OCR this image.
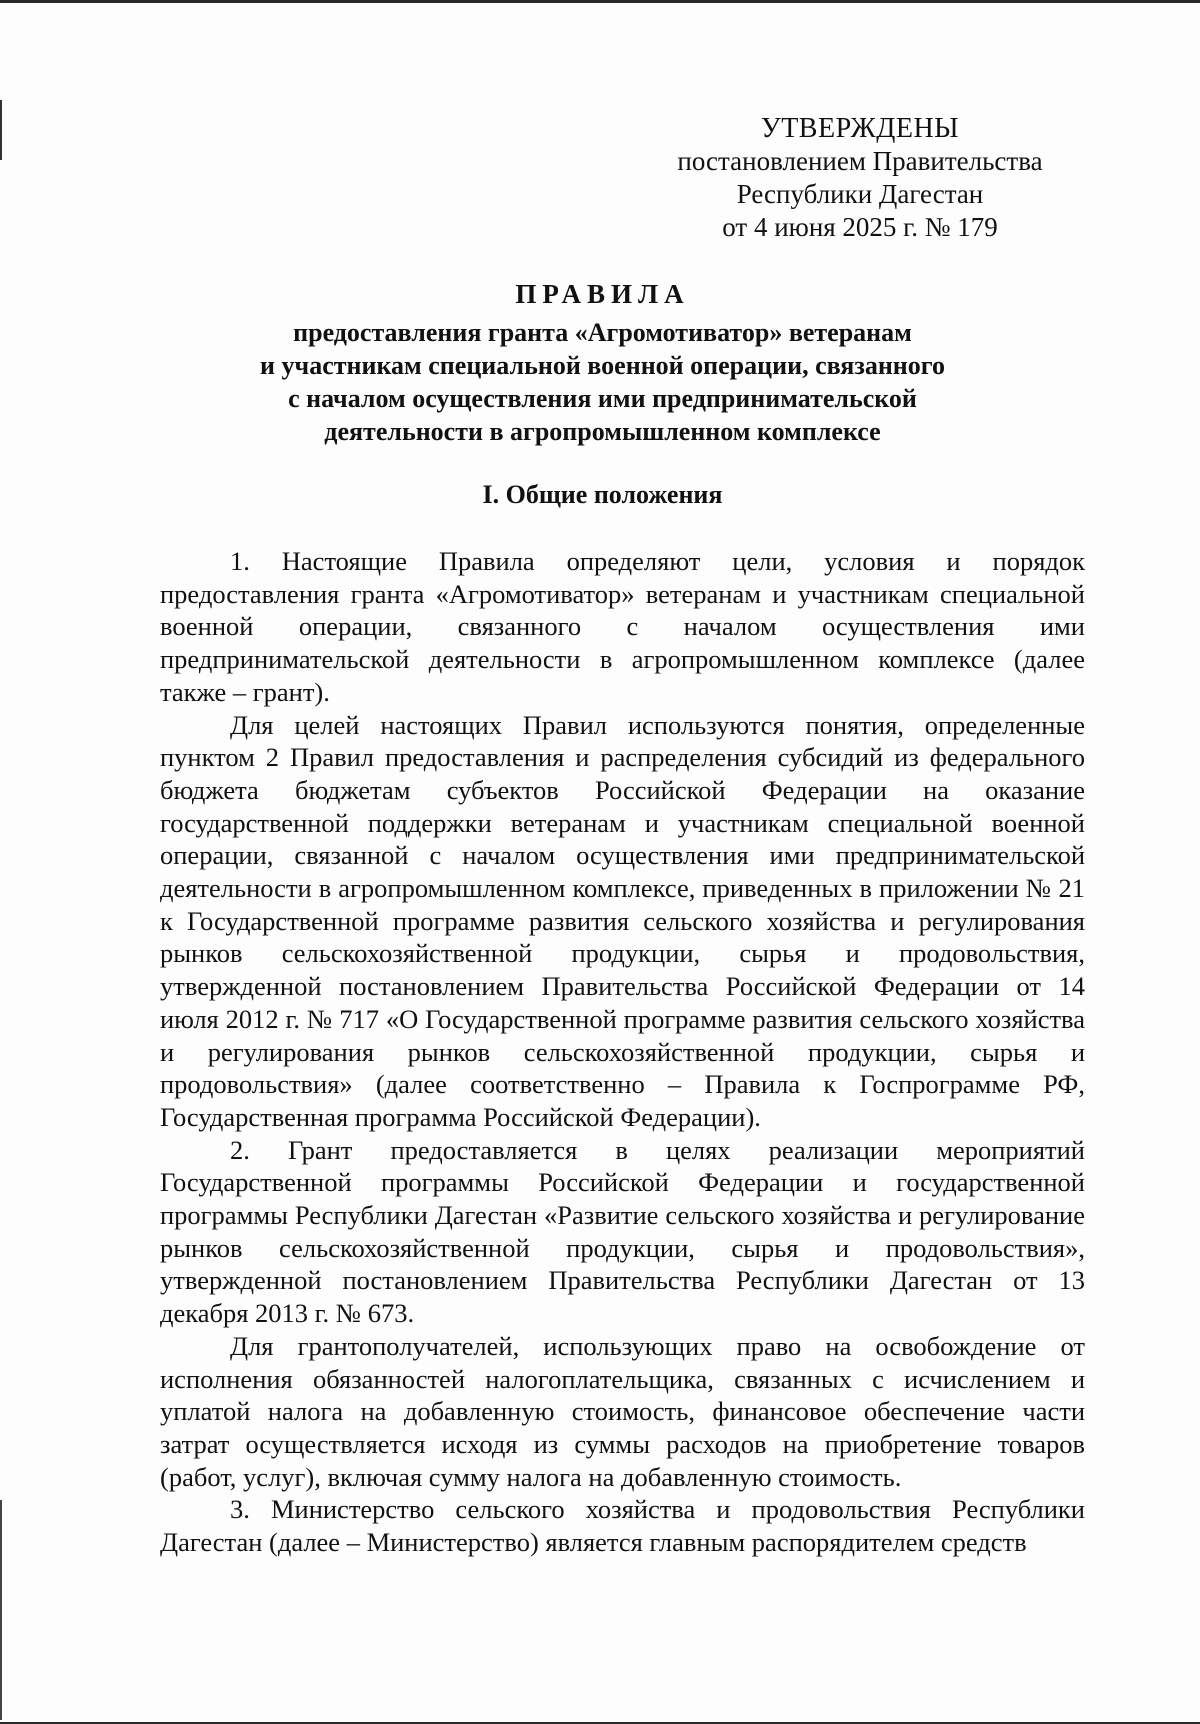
УТВЕРЖДЕНЫ
постановлением Правительства
Республики Дагестан
от 4 июня 2025 г. № 179
ПРАВИЛА
предоставления гранта «Агромотиватор» ветеранам
и участникам специальной военной операции, связанного
с началом осуществления ими предпринимательской
деятельности в агропромышленном комплексе
I. Общие положения

1. Настоящие Правила определяют цели, условия и порядок предоставления гранта «Агромотиватор» ветеранам и участникам специальной военной операции, связанного с началом осуществления ими предпринимательской деятельности в агропромышленном комплексе (далее также – грант).

Для целей настоящих Правил используются понятия, определенные пунктом 2 Правил предоставления и распределения субсидий из федерального бюджета бюджетам субъектов Российской Федерации на оказание государственной поддержки ветеранам и участникам специальной военной операции, связанной с началом осуществления ими предпринимательской деятельности в агропромышленном комплексе, приведенных в приложении № 21 к Государственной программе развития сельского хозяйства и регулирования рынков сельскохозяйственной продукции, сырья и продовольствия, утвержденной постановлением Правительства Российской Федерации от 14 июля 2012 г. № 717 «О Государственной программе развития сельского хозяйства и регулирования рынков сельскохозяйственной продукции, сырья и продовольствия» (далее соответственно – Правила к Госпрограмме РФ, Государственная программа Российской Федерации).

2. Грант предоставляется в целях реализации мероприятий Государственной программы Российской Федерации и государственной программы Республики Дагестан «Развитие сельского хозяйства и регулирование рынков сельскохозяйственной продукции, сырья и продовольствия», утвержденной постановлением Правительства Республики Дагестан от 13 декабря 2013 г. № 673.

Для грантополучателей, использующих право на освобождение от исполнения обязанностей налогоплательщика, связанных с исчислением и уплатой налога на добавленную стоимость, финансовое обеспечение части затрат осуществляется исходя из суммы расходов на приобретение товаров (работ, услуг), включая сумму налога на добавленную стоимость.

3. Министерство сельского хозяйства и продовольствия Республики Дагестан (далее – Министерство) является главным распорядителем средств
